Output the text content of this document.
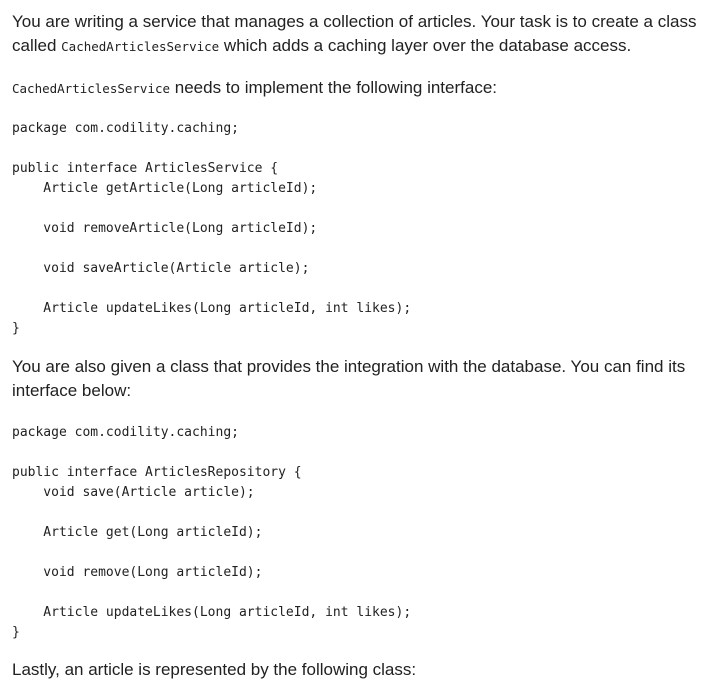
You are writing a service that manages a collection of articles. Your task is to create a class called CachedArticlesService which adds a caching layer over the database access.

CachedArticlesService needs to implement the following interface:

package com.codility.caching;

public interface ArticlesService {
Article getArticle(Long articleId);

void removeArticle(Long articleId);

void saveArticle(Article article);

Article updateLikes(Long articleId, int likes);
}

You are also given a class that provides the integration with the database. You can find its interface below:

package com.codility.caching;

public interface ArticlesRepository {
void save(Article article);

Article get(Long articleId);

void remove(Long articleId);

Article updateLikes(Long articleId, int likes);
}

Lastly, an article is represented by the following class:
